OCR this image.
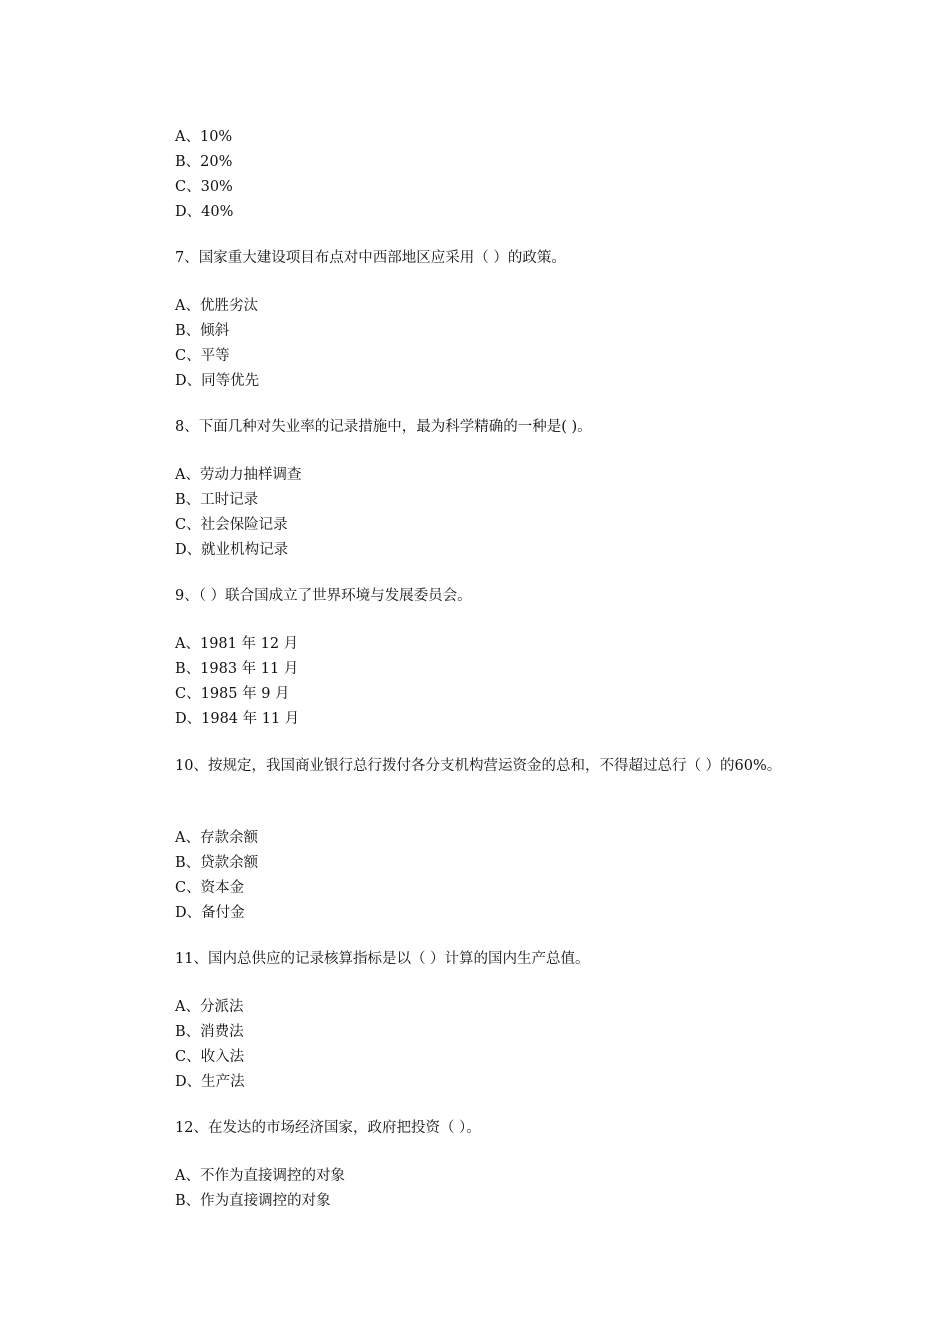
A、10%
B、20%
C、30%
D、40%
7、国家重大建设项目布点对中西部地区应采用（ ）的政策。
A、优胜劣汰
B、倾斜
C、平等
D、同等优先
8、下面几种对失业率的记录措施中，最为科学精确的一种是( )。
A、劳动力抽样调查
B、工时记录
C、社会保险记录
D、就业机构记录
9、（ ）联合国成立了世界环境与发展委员会。
A、1981 年 12 月
B、1983 年 11 月
C、1985 年 9 月
D、1984 年 11 月
10、按规定，我国商业银行总行拨付各分支机构营运资金的总和，不得超过总行（ ）的60%。
A、存款余额
B、贷款余额
C、资本金
D、备付金
11、国内总供应的记录核算指标是以（ ）计算的国内生产总值。
A、分派法
B、消费法
C、收入法
D、生产法
12、在发达的市场经济国家，政府把投资（ ）。
A、不作为直接调控的对象
B、作为直接调控的对象
